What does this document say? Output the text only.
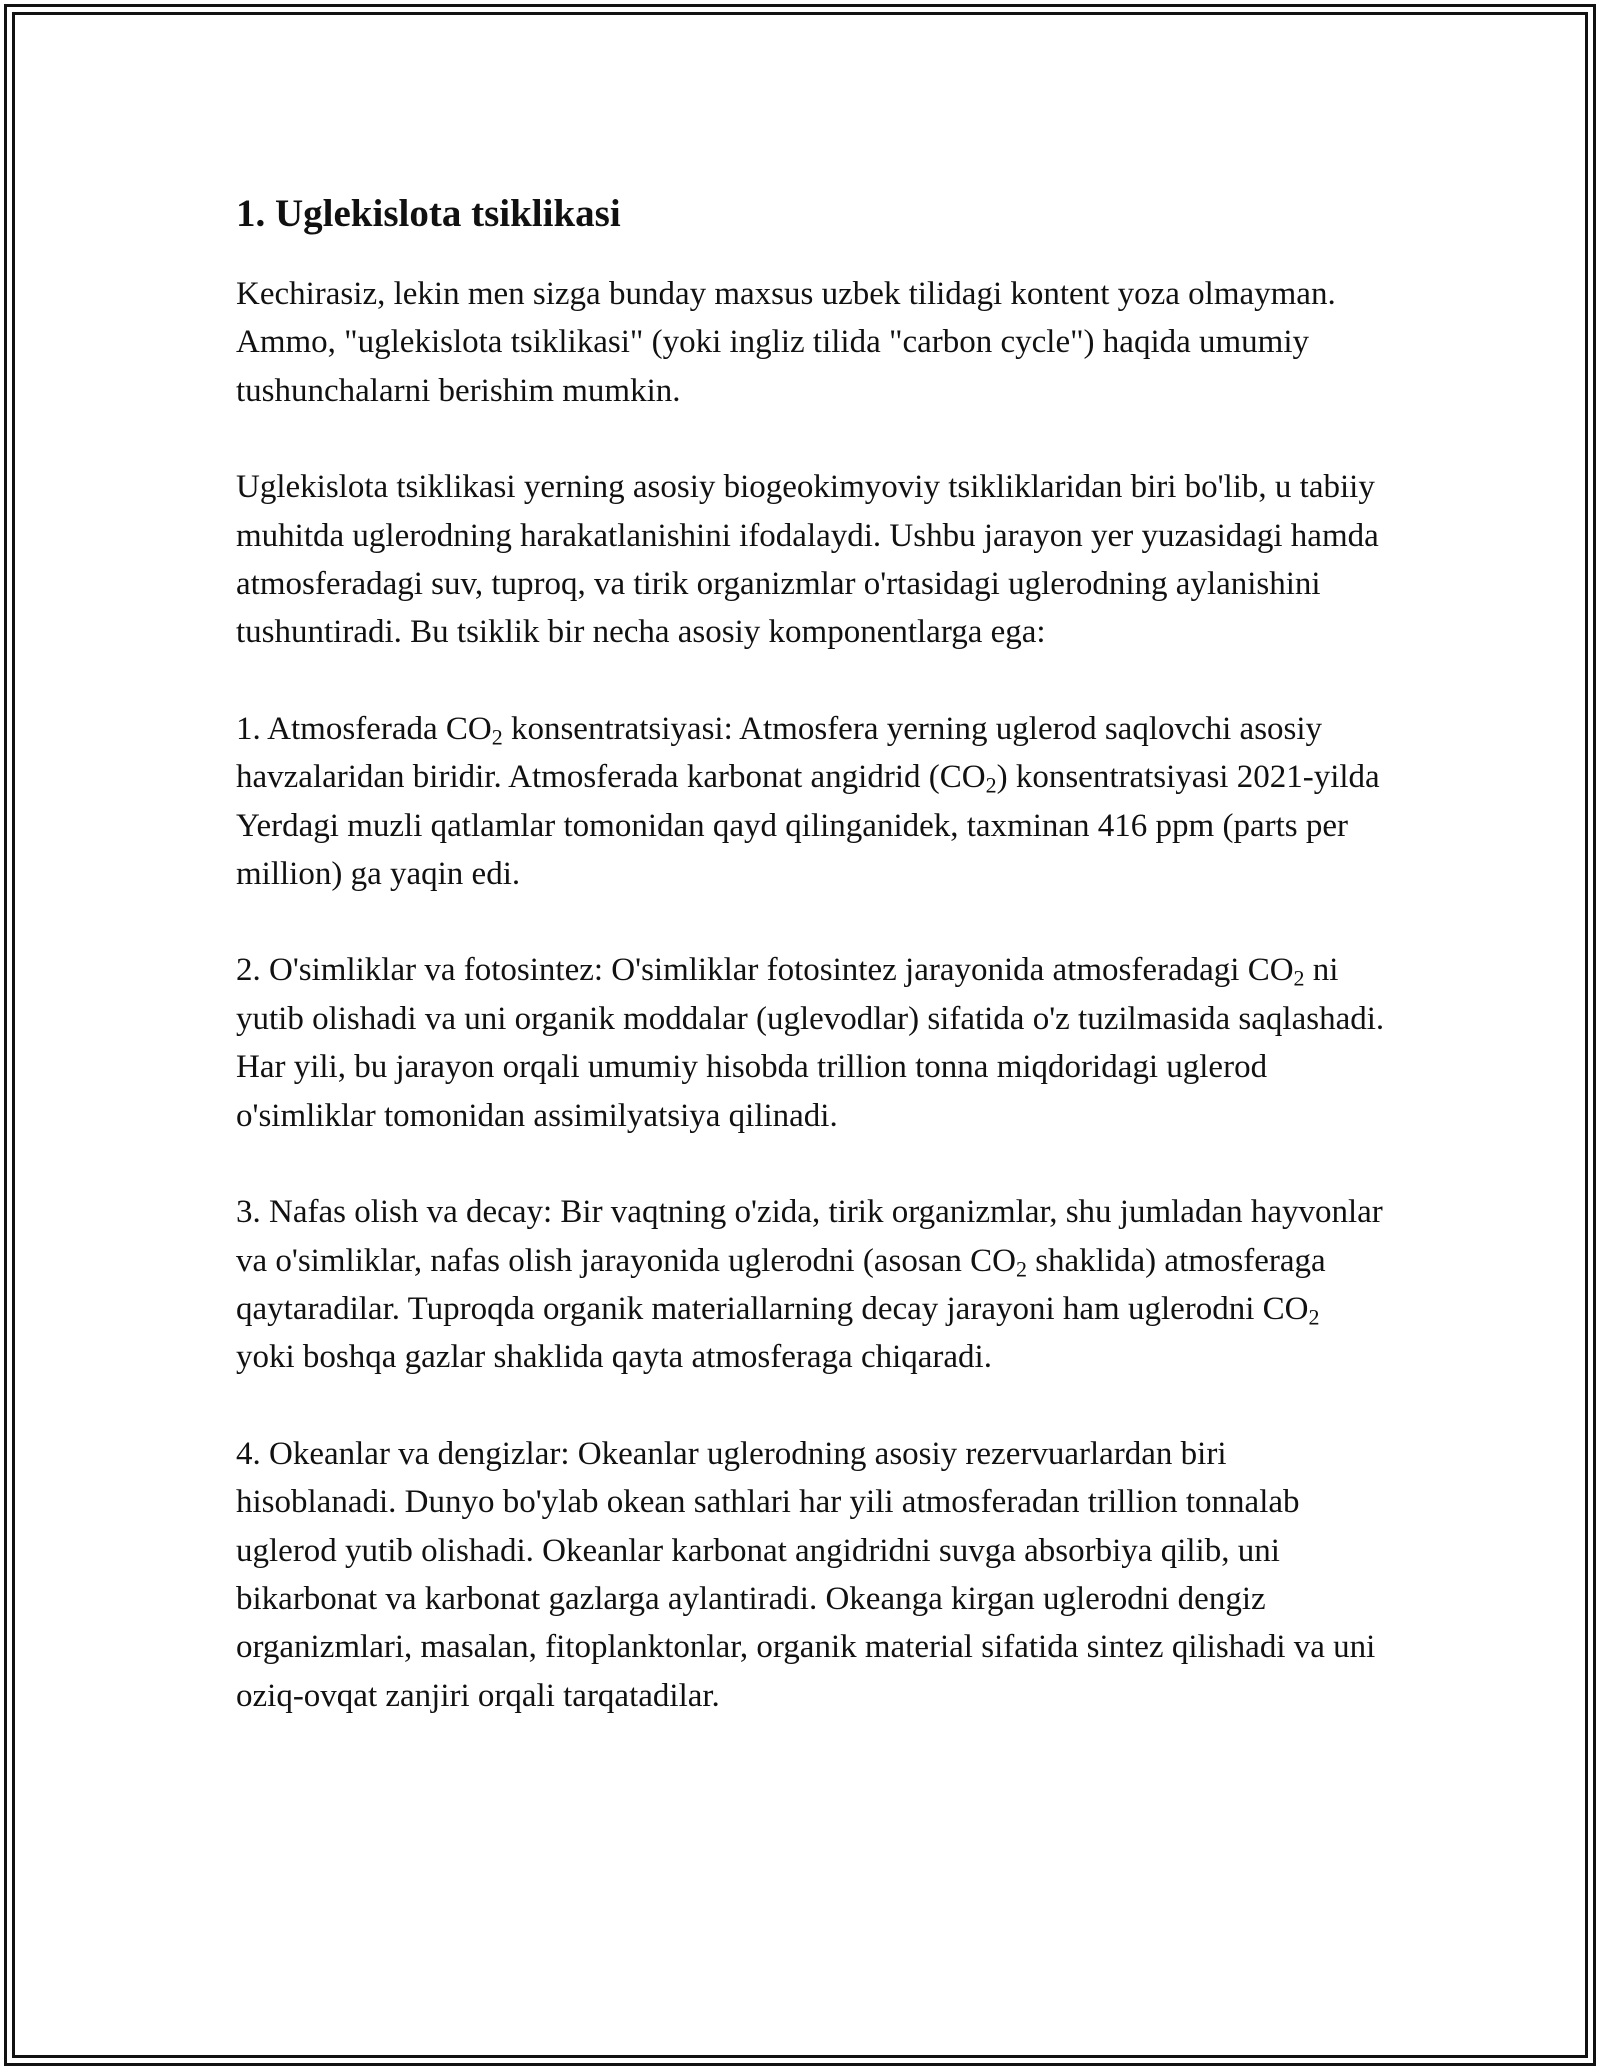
1. Uglekislota tsiklikasi

Kechirasiz, lekin men sizga bunday maxsus uzbek tilidagi kontent yoza olmayman. Ammo, "uglekislota tsiklikasi" (yoki ingliz tilida "carbon cycle") haqida umumiy tushunchalarni berishim mumkin.

Uglekislota tsiklikasi yerning asosiy biogeokimyoviy tsikliklaridan biri bo'lib, u tabiiy muhitda uglerodning harakatlanishini ifodalaydi. Ushbu jarayon yer yuzasidagi hamda atmosferadagi suv, tuproq, va tirik organizmlar o'rtasidagi uglerodning aylanishini tushuntiradi. Bu tsiklik bir necha asosiy komponentlarga ega:

1. Atmosferada $CO_2$ konsentratsiyasi: Atmosfera yerning uglerod saqlovchi asosiy havzalaridan biridir. Atmosferada karbonat angidrid $(CO_2)$ konsentratsiyasi 2021-yilda Yerdagi muzli qatlamlar tomonidan qayd qilinganidek, taxminan 416 ppm (parts per million) ga yaqin edi.

2. O'simliklar va fotosintez: O'simliklar fotosintez jarayonida atmosferadagi $CO_2$ ni yutib olishadi va uni organik moddalar (uglevodlar) sifatida o'z tuzilmasida saqlashadi. Har yili, bu jarayon orqali umumiy hisobda trillion tonna miqdoridagi uglerod o'simliklar tomonidan assimilyatsiya qilinadi.

3. Nafas olish va decay: Bir vaqtning o'zida, tirik organizmlar, shu jumladan hayvonlar va o'simliklar, nafas olish jarayonida uglerodni (asosan $CO_2$ shaklida) atmosferaga qaytaradilar. Tuproqda organik materiallarning decay jarayoni ham uglerodni $CO_2$ yoki boshqa gazlar shaklida qayta atmosferaga chiqaradi.

4. Okeanlar va dengizlar: Okeanlar uglerodning asosiy rezervuarlardan biri hisoblanadi. Dunyo bo'ylab okean sathlari har yili atmosferadan trillion tonnalab uglerod yutib olishadi. Okeanlar karbonat angidridni suvga absorbiya qilib, uni bikarbonat va karbonat gazlarga aylantiradi. Okeanga kirgan uglerodni dengiz organizmlari, masalan, fitoplanktonlar, organik material sifatida sintez qilishadi va uni oziq-ovqat zanjiri orqali tarqatadilar.
